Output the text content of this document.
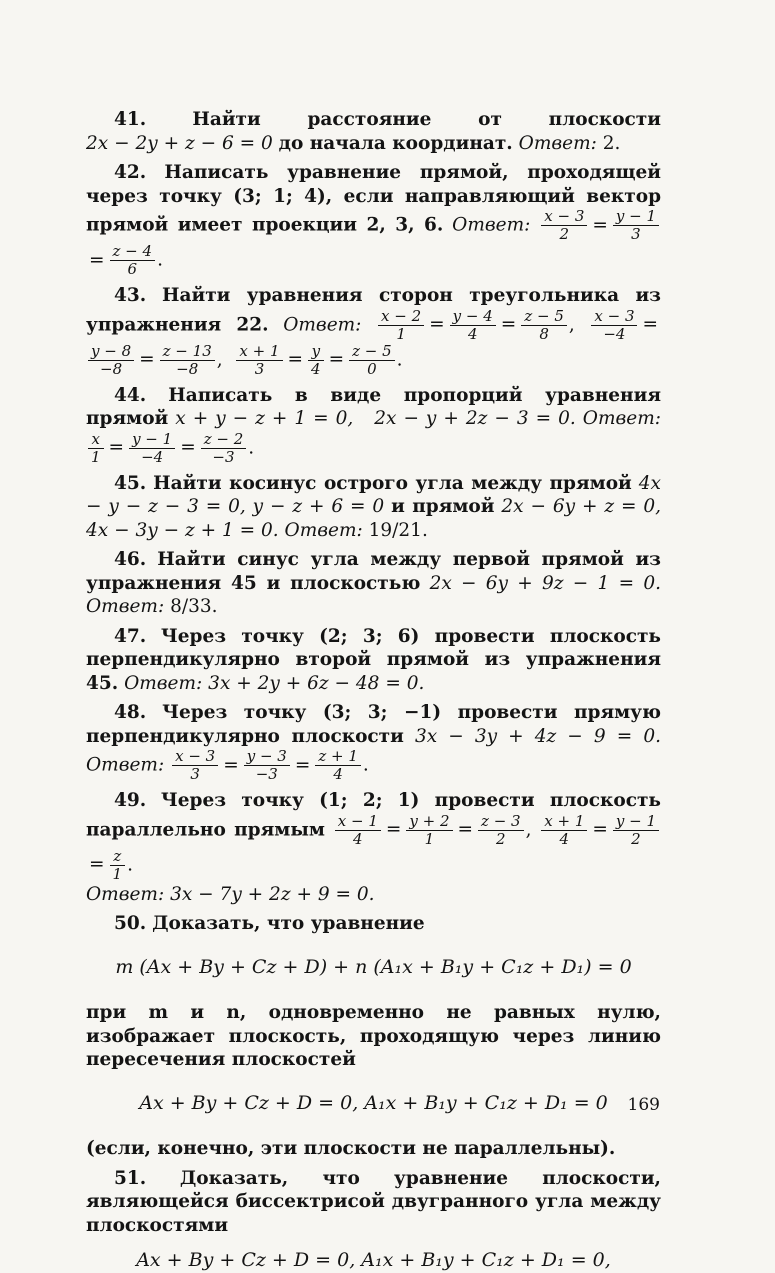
41. Найти расстояние от плоскости 2x − 2y + z − 6 = 0 до начала координат. Ответ: 2.

42. Написать уравнение прямой, проходящей через точку (3; 1; 4), если направляющий вектор прямой имеет проекции 2, 3, 6. Ответ: $\frac{x - 3}{2} = \frac{y - 1}{3}$
= $\frac{z - 4}{6}$ .

43. Найти уравнения сторон треугольника из упражнения 22. Ответ: $\frac{x - 2}{1} = \frac{y - 4}{4} = \frac{z - 5}{8}$ , $\frac{x - 3}{-4}$ =
$\frac{y - 8}{-8} = \frac{z - 13}{-8}$ , $\frac{x + 1}{3} = \frac{y}{4} = \frac{z - 5}{0}$ .

44. Написать в виде пропорций уравнения прямой x + y − z + 1 = 0, 2x − y + 2z − 3 = 0. Ответ:
$\frac{x}{1} = \frac{y - 1}{-4} = \frac{z - 2}{-3}$ .

45. Найти косинус острого угла между прямой 4x − y − z − 3 = 0, y − z + 6 = 0 и прямой 2x − 6y + z = 0, 4x − 3y − z + 1 = 0. Ответ: 19/21.

46. Найти синус угла между первой прямой из упражнения 45 и плоскостью 2x − 6y + 9z − 1 = 0. Ответ: 8/33.

47. Через точку (2; 3; 6) провести плоскость перпендикулярно второй прямой из упражнения 45. Ответ: 3x + 2y + 6z − 48 = 0.

48. Через точку (3; 3; −1) провести прямую перпендикулярно плоскости 3x − 3y + 4z − 9 = 0. Ответ: $\frac{x - 3}{3} = \frac{y - 3}{-3} = \frac{z + 1}{4}$ .

49. Через точку (1; 2; 1) провести плоскость параллельно прямым $\frac{x - 1}{4} = \frac{y + 2}{1} = \frac{z - 3}{2}$ , $\frac{x + 1}{4} = \frac{y - 1}{2}$
= $\frac{z}{1}$ .
Ответ: 3x − 7y + 2z + 9 = 0.

50. Доказать, что уравнение

m (Ax + By + Cz + D) + n (A₁x + B₁y + C₁z + D₁) = 0

при m и n, одновременно не равных нулю, изображает плоскость, проходящую через линию пересечения плоскостей

Ax + By + Cz + D = 0, A₁x + B₁y + C₁z + D₁ = 0

(если, конечно, эти плоскости не параллельны).

51. Доказать, что уравнение плоскости, являющейся биссектрисой двугранного угла между плоскостями

Ax + By + Cz + D = 0, A₁x + B₁y + C₁z + D₁ = 0,
169
